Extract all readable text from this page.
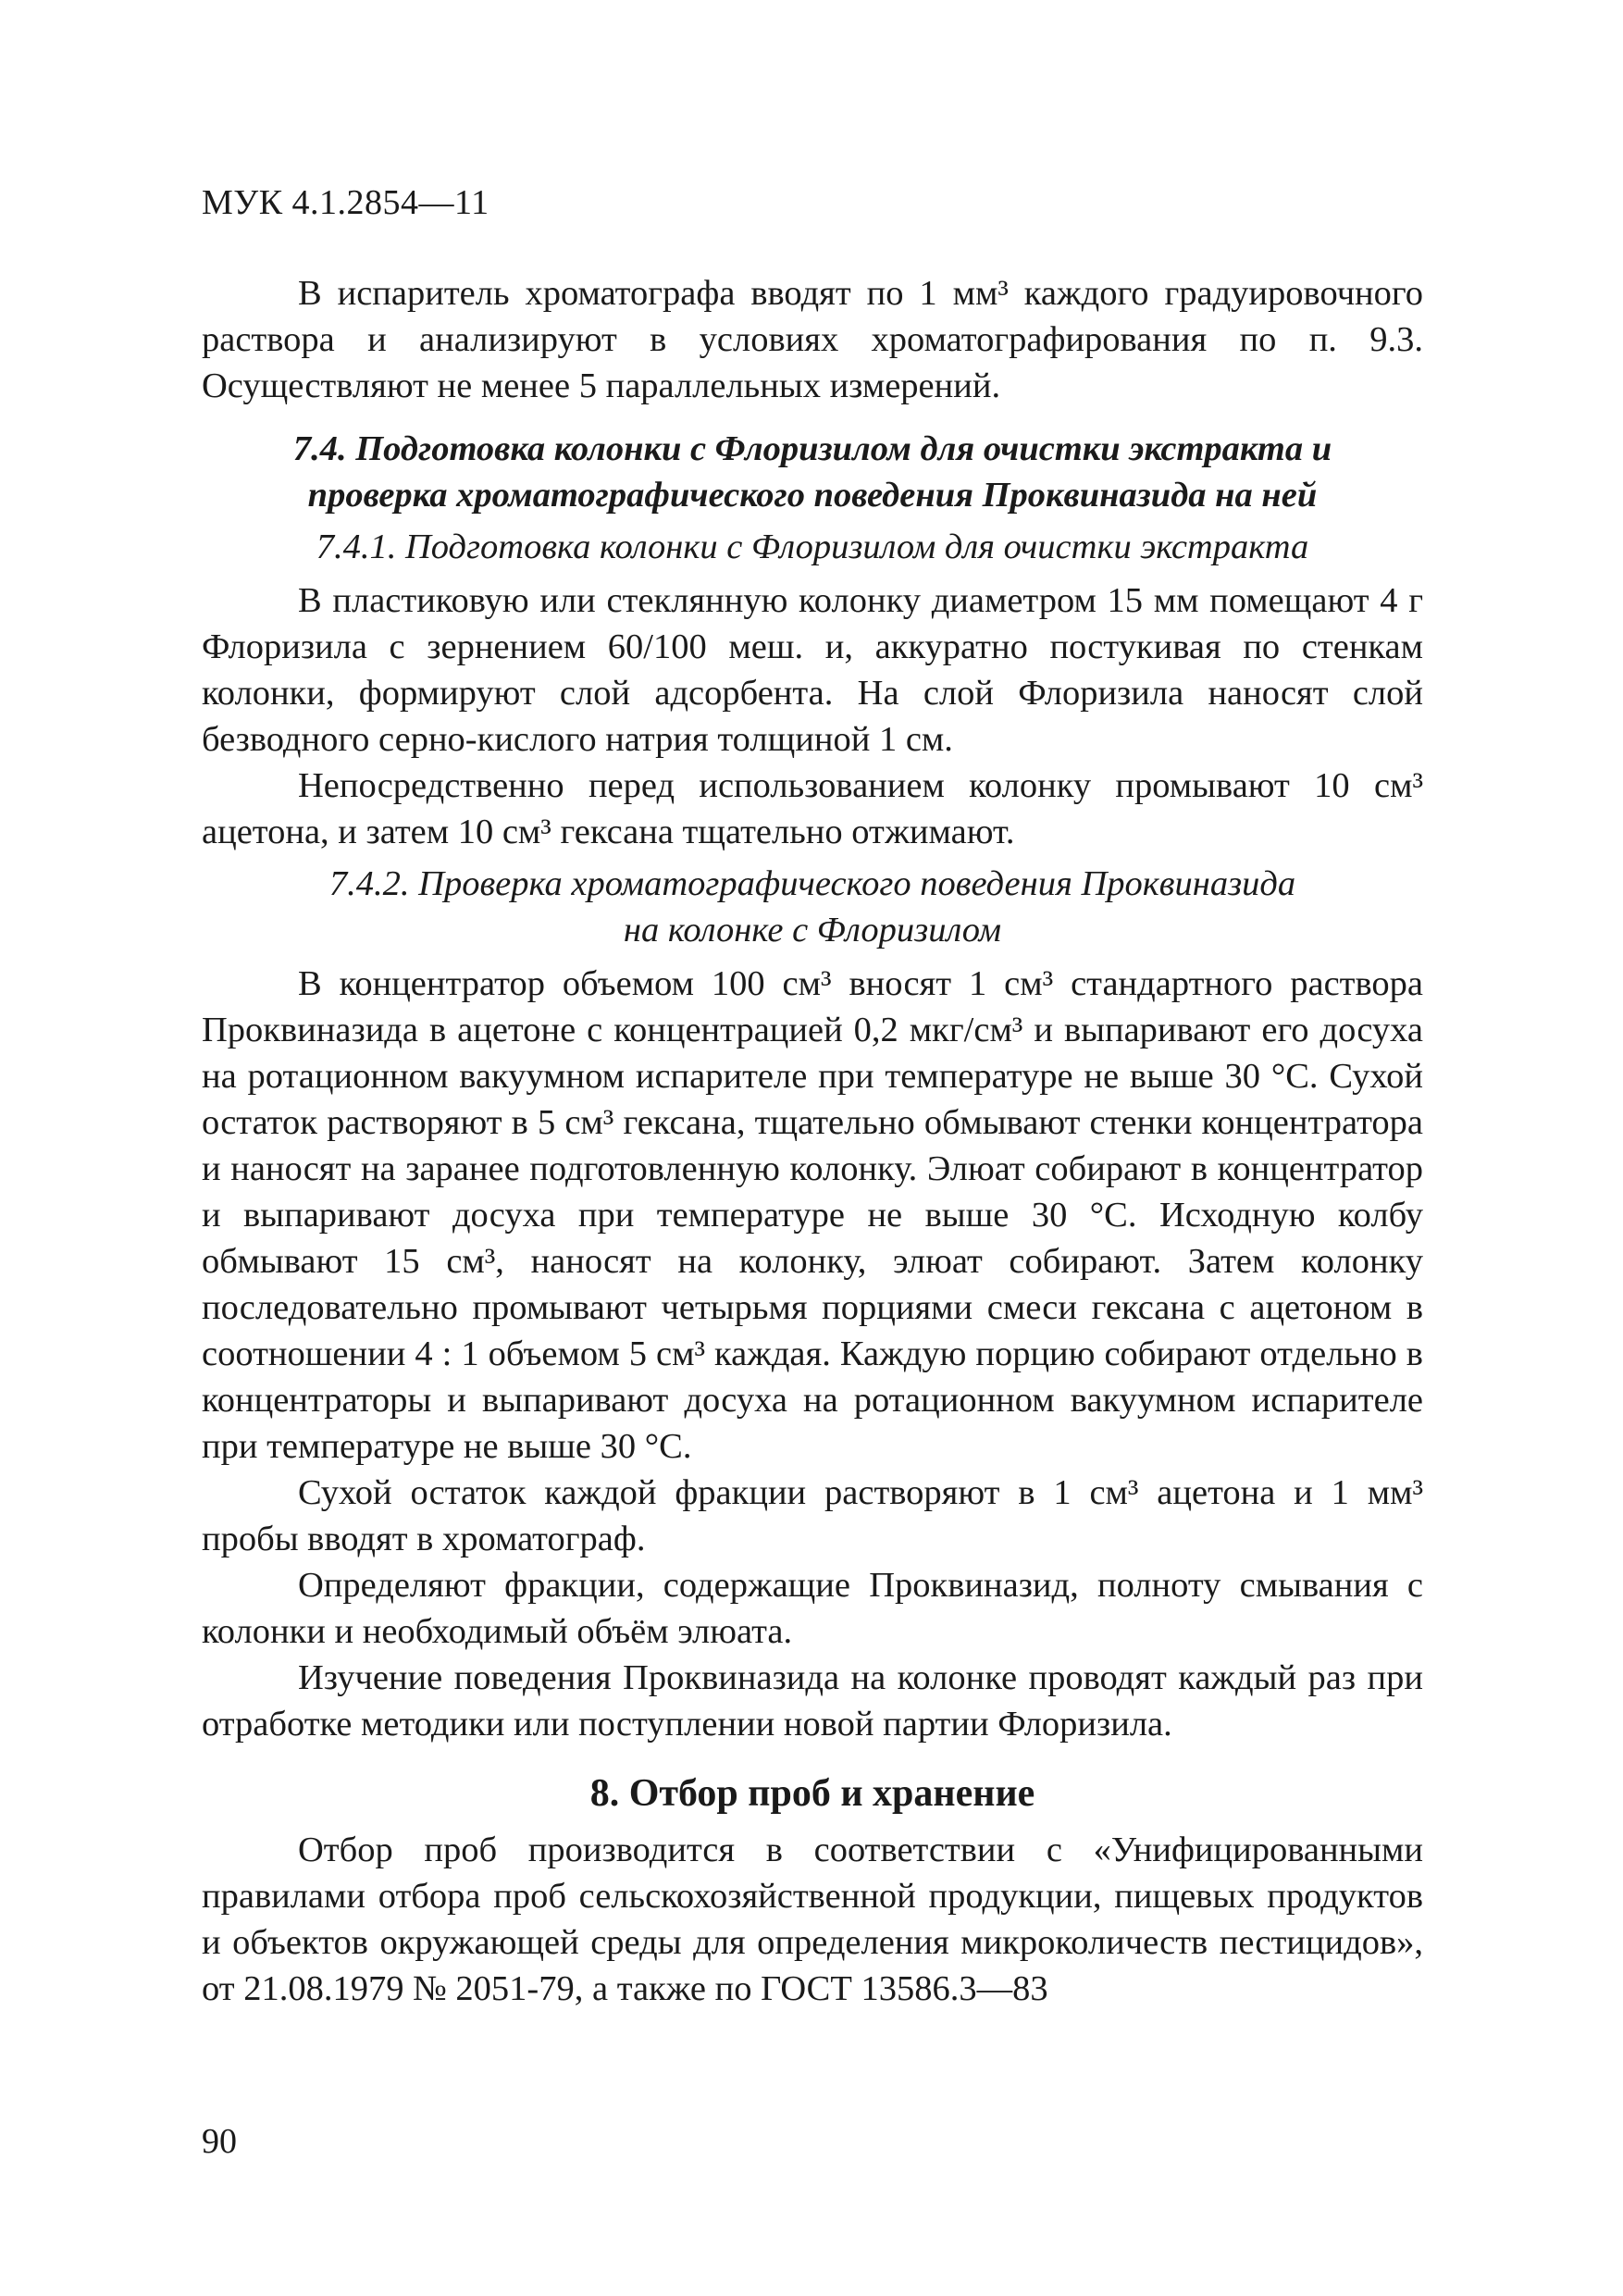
МУК 4.1.2854—11

В испаритель хроматографа вводят по 1 мм³ каждого градуировочного раствора и анализируют в условиях хроматографирования по п. 9.3. Осуществляют не менее 5 параллельных измерений.

7.4. Подготовка колонки с Флоризилом для очистки экстракта и проверка хроматографического поведения Проквиназида на ней
7.4.1. Подготовка колонки с Флоризилом для очистки экстракта

В пластиковую или стеклянную колонку диаметром 15 мм помещают 4 г Флоризила с зернением 60/100 меш. и, аккуратно постукивая по стенкам колонки, формируют слой адсорбента. На слой Флоризила наносят слой безводного серно-кислого натрия толщиной 1 см.

Непосредственно перед использованием колонку промывают 10 см³ ацетона, и затем 10 см³ гексана тщательно отжимают.

7.4.2. Проверка хроматографического поведения Проквиназида
на колонке с Флоризилом

В концентратор объемом 100 см³ вносят 1 см³ стандартного раствора Проквиназида в ацетоне с концентрацией 0,2 мкг/см³ и выпаривают его досуха на ротационном вакуумном испарителе при температуре не выше 30 °С. Сухой остаток растворяют в 5 см³ гексана, тщательно обмывают стенки концентратора и наносят на заранее подготовленную колонку. Элюат собирают в концентратор и выпаривают досуха при температуре не выше 30 °С. Исходную колбу обмывают 15 см³, наносят на колонку, элюат собирают. Затем колонку последовательно промывают четырьмя порциями смеси гексана с ацетоном в соотношении 4 : 1 объемом 5 см³ каждая. Каждую порцию собирают отдельно в концентраторы и выпаривают досуха на ротационном вакуумном испарителе при температуре не выше 30 °С.

Сухой остаток каждой фракции растворяют в 1 см³ ацетона и 1 мм³ пробы вводят в хроматограф.

Определяют фракции, содержащие Проквиназид, полноту смывания с колонки и необходимый объём элюата.

Изучение поведения Проквиназида на колонке проводят каждый раз при отработке методики или поступлении новой партии Флоризила.

8. Отбор проб и хранение

Отбор проб производится в соответствии с «Унифицированными правилами отбора проб сельскохозяйственной продукции, пищевых продуктов и объектов окружающей среды для определения микроколичеств пестицидов», от 21.08.1979 № 2051-79, а также по ГОСТ 13586.3—83

90
